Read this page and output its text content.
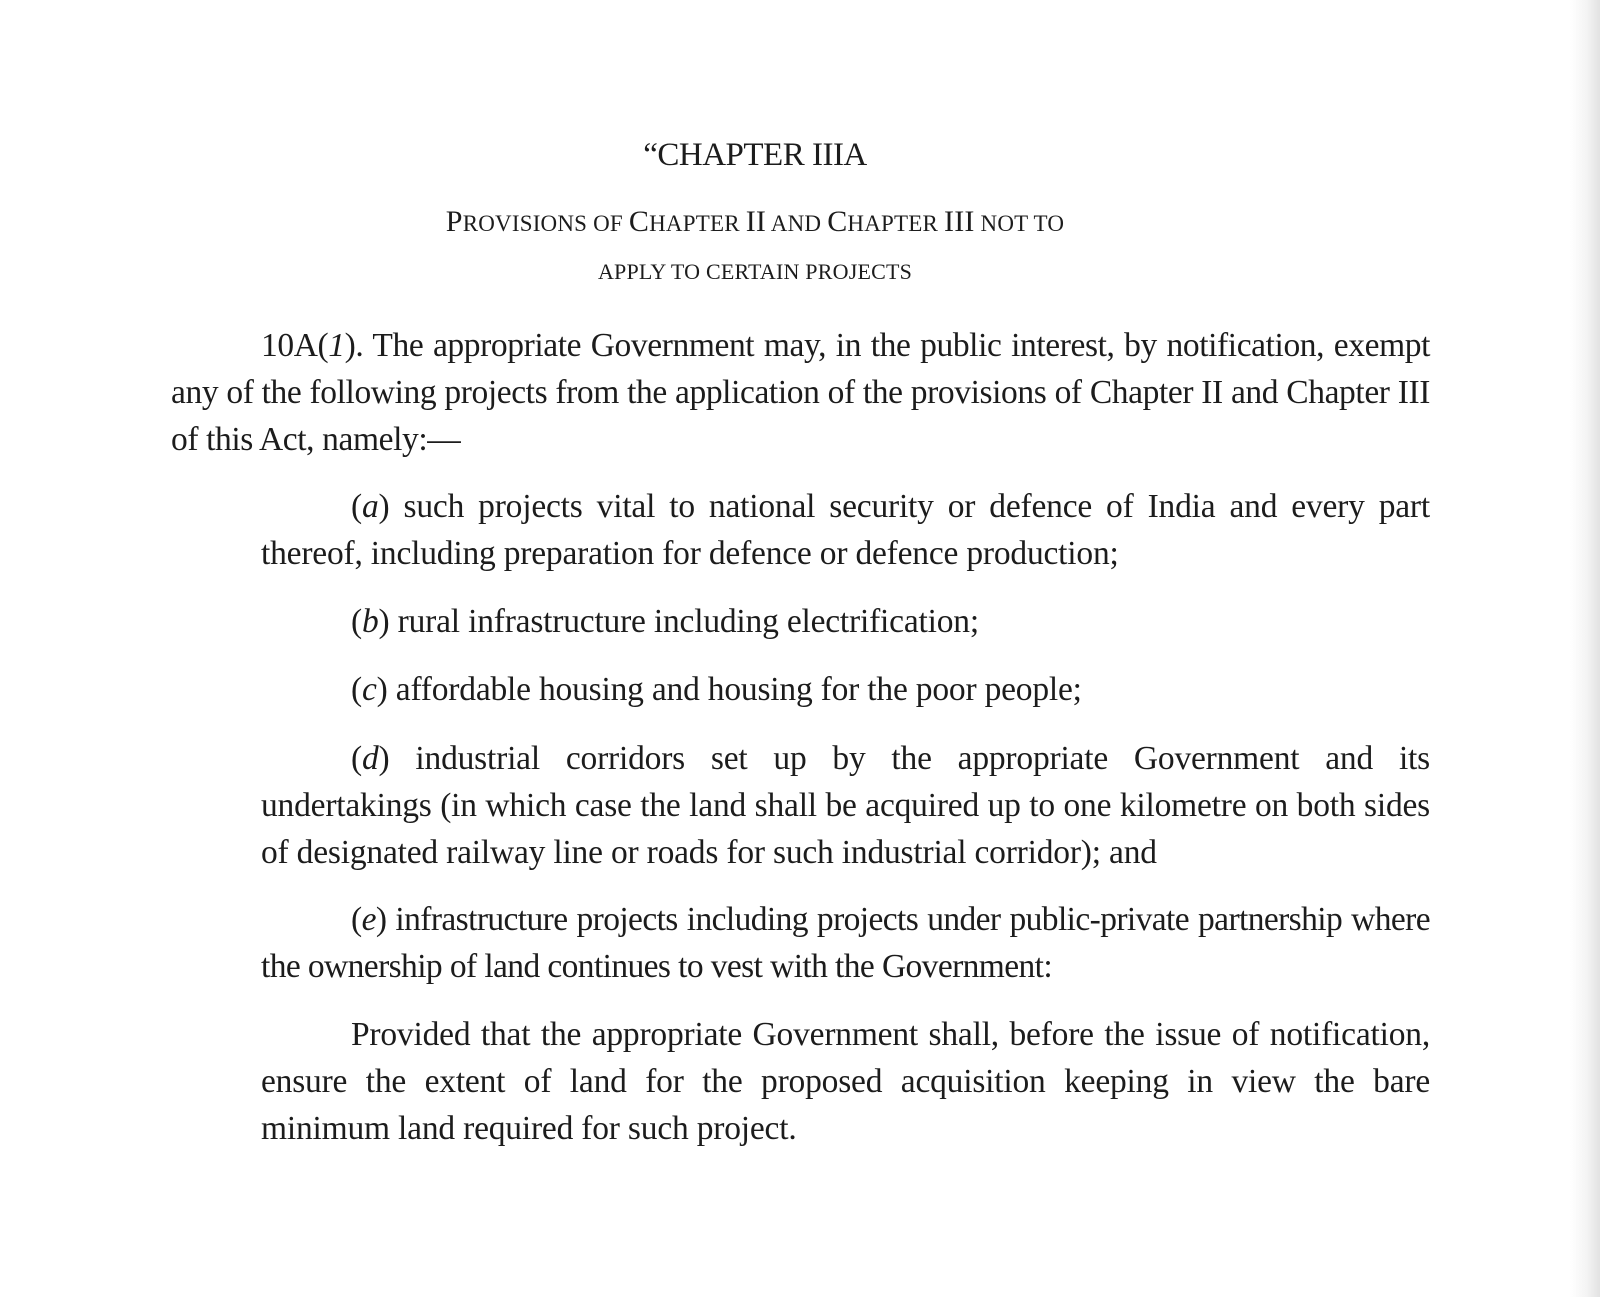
“CHAPTER IIIA
PROVISIONS OF CHAPTER II AND CHAPTER III NOT TO
APPLY TO CERTAIN PROJECTS

10A(1). The appropriate Government may, in the public interest, by notification, exempt any of the following projects from the application of the provisions of Chapter II and Chapter III of this Act, namely:—

(a) such projects vital to national security or defence of India and every part thereof, including preparation for defence or defence production;

(b) rural infrastructure including electrification;

(c) affordable housing and housing for the poor people;

(d) industrial corridors set up by the appropriate Government and its undertakings (in which case the land shall be acquired up to one kilometre on both sides of designated railway line or roads for such industrial corridor); and

(e) infrastructure projects including projects under public-private partnership where the ownership of land continues to vest with the Government:

Provided that the appropriate Government shall, before the issue of notification, ensure the extent of land for the proposed acquisition keeping in view the bare minimum land required for such project.
